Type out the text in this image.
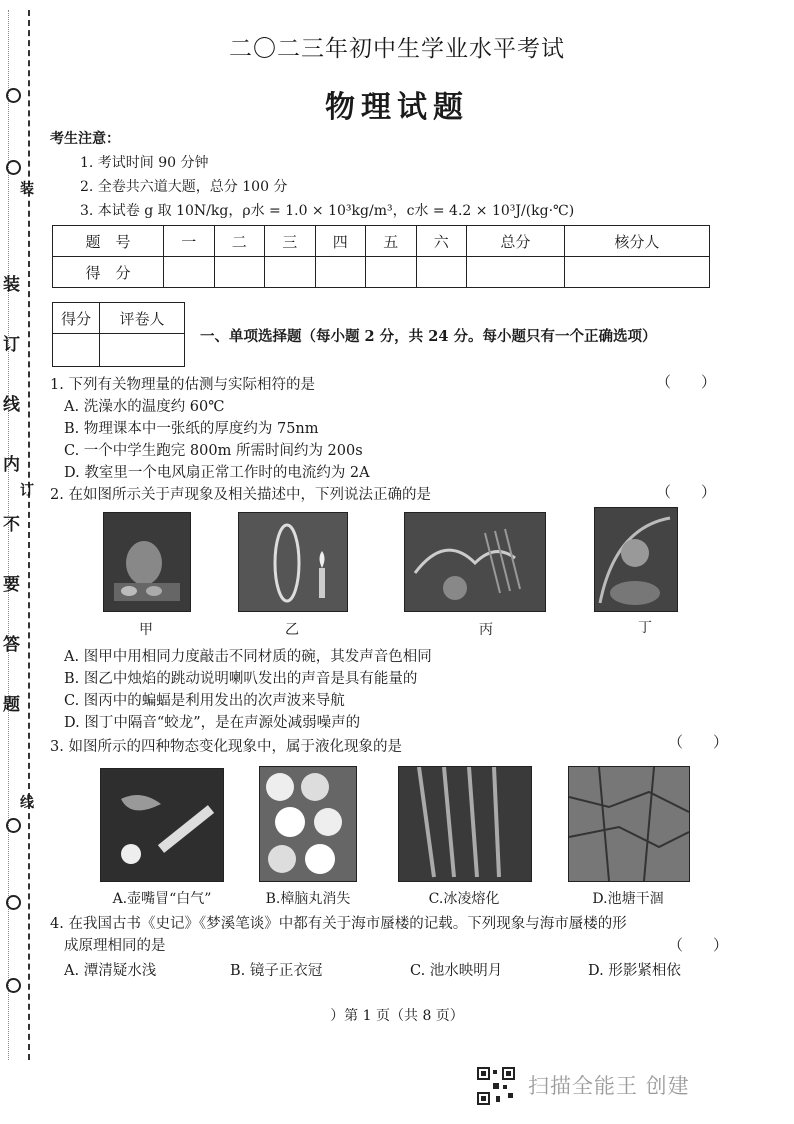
装
订
线
内
不
要
答
题
装
订
线
二〇二三年初中生学业水平考试
物理试题
考生注意：
1. 考试时间 90 分钟
2. 全卷共六道大题，总分 100 分
3. 本试卷 g 取 10N/kg，ρ水 = 1.0 × 10³kg/m³，c水 = 4.2 × 10³J/(kg·℃)
题　号	一	二	三	四	五	六	总分	核分人
得　分								
得分	评卷人

一、单项选择题（每小题 2 分，共 24 分。每小题只有一个正确选项）
1. 下列有关物理量的估测与实际相符的是	（　　）
A. 洗澡水的温度约 60℃
B. 物理课本中一张纸的厚度约为 75nm
C. 一个中学生跑完 800m 所需时间约为 200s
D. 教室里一个电风扇正常工作时的电流约为 2A
2. 在如图所示关于声现象及相关描述中，下列说法正确的是	（　　）
甲	乙	丙	丁
A. 图甲中用相同力度敲击不同材质的碗，其发声音色相同
B. 图乙中烛焰的跳动说明喇叭发出的声音是具有能量的
C. 图丙中的蝙蝠是利用发出的次声波来导航
D. 图丁中隔音“蛟龙”，是在声源处减弱噪声的
3. 如图所示的四种物态变化现象中，属于液化现象的是	（　　）
A.壶嘴冒“白气”	B.樟脑丸消失	C.冰凌熔化	D.池塘干涸
4. 在我国古书《史记》《梦溪笔谈》中都有关于海市蜃楼的记载。下列现象与海市蜃楼的形
成原理相同的是	（　　）
A. 潭清疑水浅	B. 镜子正衣冠	C. 池水映明月	D. 形影紧相依
）第 1 页（共 8 页）
扫描全能王 创建
